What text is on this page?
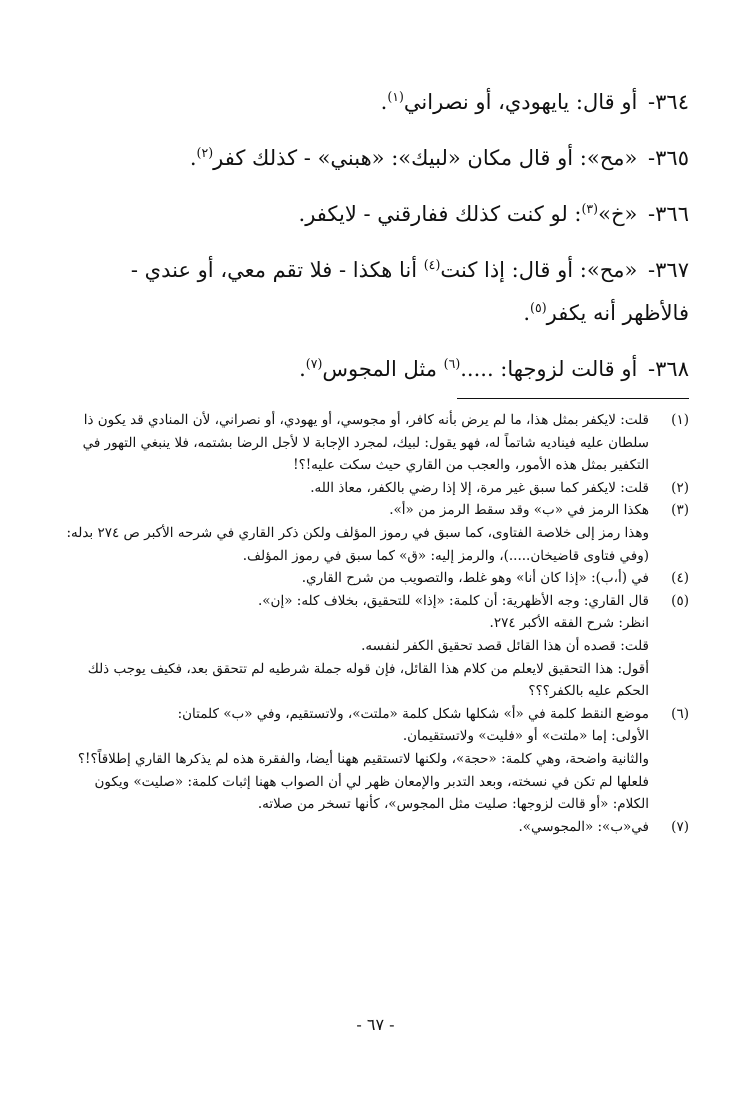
٣٦٤- أو قال: يايهودي، أو نصراني$^{(١)}$.
٣٦٥- «مح»: أو قال مكان «لبيك»: «هبني» - كذلك كفر$^{(٢)}$.
٣٦٦- «خ»$^{(٣)}$: لو كنت كذلك ففارقني - لايكفر.
٣٦٧- «مح»: أو قال: إذا كنت$^{(٤)}$ أنا هكذا - فلا تقم معي، أو عندي - فالأظهر أنه يكفر$^{(٥)}$.
٣٦٨- أو قالت لزوجها: .....$^{(٦)}$ مثل المجوس$^{(٧)}$.
(١)

قلت: لايكفر بمثل هذا، ما لم يرض بأنه كافر، أو مجوسي، أو يهودي، أو نصراني، لأن المنادي قد يكون ذا سلطان عليه فيناديه شاتماً له، فهو يقول: لبيك، لمجرد الإجابة لا لأجل الرضا بشتمه، فلا ينبغي التهور في التكفير بمثل هذه الأمور، والعجب من القاري حيث سكت عليه!؟!

(٢)

قلت: لايكفر كما سبق غير مرة، إلا إذا رضي بالكفر، معاذ الله.

(٣)

هكذا الرمز في «ب» وقد سقط الرمز من «أ».

وهذا رمز إلى خلاصة الفتاوى، كما سبق في رموز المؤلف ولكن ذكر القاري في شرحه الأكبر ص ٢٧٤ بدله: (وفي فتاوى قاضيخان.....)، والرمز إليه: «ق» كما سبق في رموز المؤلف.

(٤)

في (أ،ب): «إذا كان أنا» وهو غلط، والتصويب من شرح القاري.

(٥)

قال القاري: وجه الأظهرية: أن كلمة: «إذا» للتحقيق، بخلاف كله: «إن».

انظر: شرح الفقه الأكبر ٢٧٤.

قلت: قصده أن هذا القائل قصد تحقيق الكفر لنفسه.

أقول: هذا التحقيق لايعلم من كلام هذا القائل، فإن قوله جملة شرطيه لم تتحقق بعد، فكيف يوجب ذلك الحكم عليه بالكفر؟؟؟

(٦)

موضع النقط كلمة في «أ» شكلها شكل كلمة «ملتت»، ولاتستقيم، وفي «ب» كلمتان:

الأولى: إما «ملتت» أو «فليت» ولاتستقيمان.

والثانية واضحة، وهي كلمة: «حجة»، ولكنها لاتستقيم ههنا أيضا، والفقرة هذه لم يذكرها القاري إطلاقاً؟!؟ فلعلها لم تكن في نسخته، وبعد التدبر والإمعان ظهر لي أن الصواب ههنا إثبات كلمة: «صليت» ويكون الكلام: «أو قالت لزوجها: صليت مثل المجوس»، كأنها تسخر من صلاته.

(٧)

في«ب»: «المجوسي».

- ٦٧ -
